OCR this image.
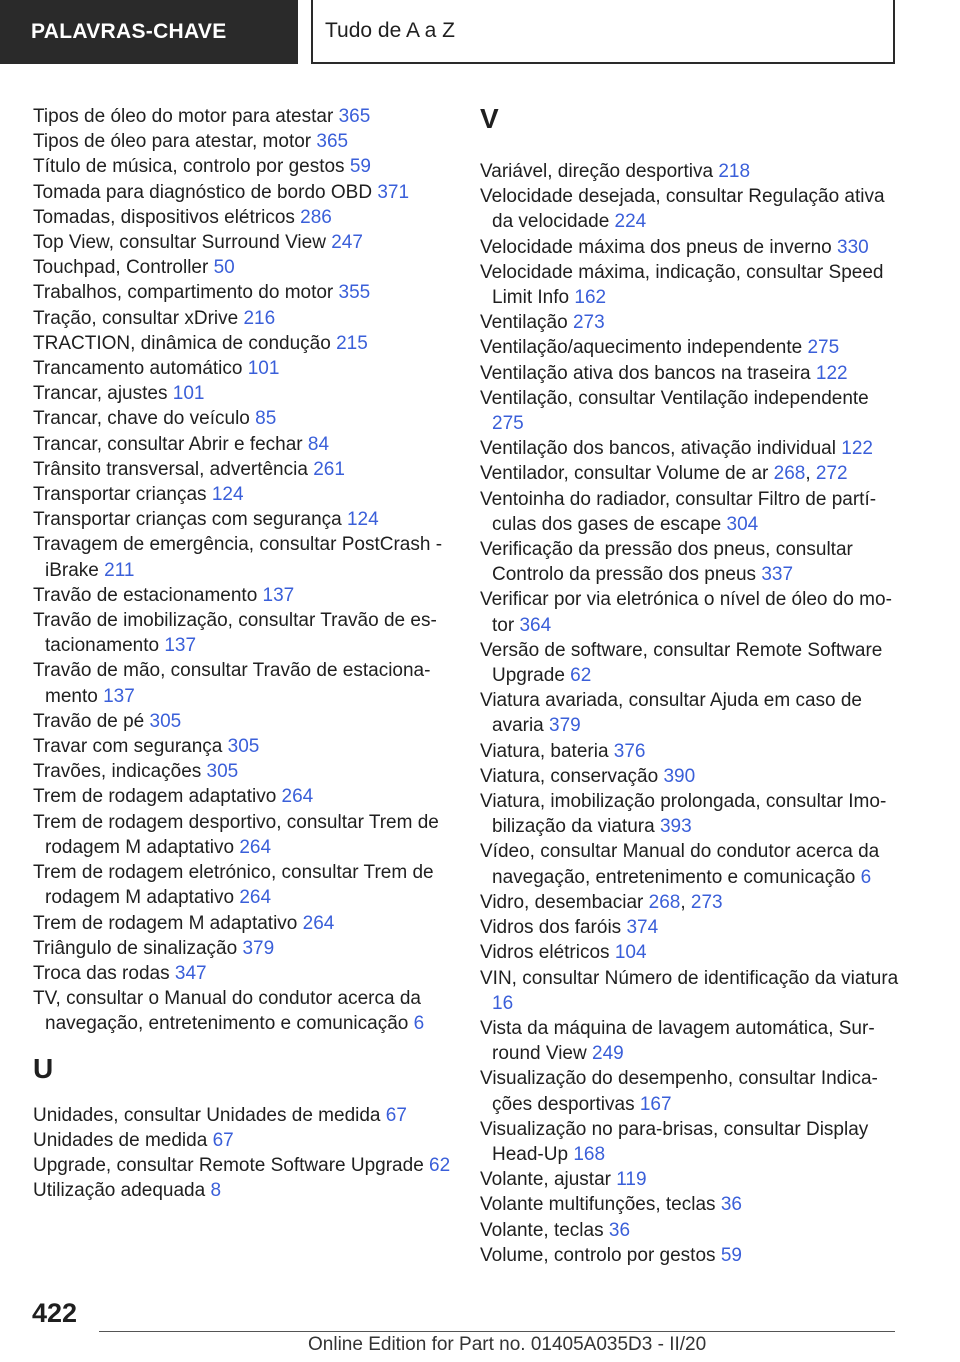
PALAVRAS-CHAVE	Tudo de A a Z
Tipos de óleo do motor para atestar 365
Tipos de óleo para atestar, motor 365
Título de música, controlo por gestos 59
Tomada para diagnóstico de bordo OBD 371
Tomadas, dispositivos elétricos 286
Top View, consultar Surround View 247
Touchpad, Controller 50
Trabalhos, compartimento do motor 355
Tração, consultar xDrive 216
TRACTION, dinâmica de condução 215
Trancamento automático 101
Trancar, ajustes 101
Trancar, chave do veículo 85
Trancar, consultar Abrir e fechar 84
Trânsito transversal, advertência 261
Transportar crianças 124
Transportar crianças com segurança 124
Travagem de emergência, consultar PostCrash - iBrake 211
Travão de estacionamento 137
Travão de imobilização, consultar Travão de estacionamento 137
Travão de mão, consultar Travão de estacionamento 137
Travão de pé 305
Travar com segurança 305
Travões, indicações 305
Trem de rodagem adaptativo 264
Trem de rodagem desportivo, consultar Trem de rodagem M adaptativo 264
Trem de rodagem eletrónico, consultar Trem de rodagem M adaptativo 264
Trem de rodagem M adaptativo 264
Triângulo de sinalização 379
Troca das rodas 347
TV, consultar o Manual do condutor acerca da navegação, entretenimento e comunicação 6
U
Unidades, consultar Unidades de medida 67
Unidades de medida 67
Upgrade, consultar Remote Software Upgrade 62
Utilização adequada 8
V
Variável, direção desportiva 218
Velocidade desejada, consultar Regulação ativa da velocidade 224
Velocidade máxima dos pneus de inverno 330
Velocidade máxima, indicação, consultar Speed Limit Info 162
Ventilação 273
Ventilação/aquecimento independente 275
Ventilação ativa dos bancos na traseira 122
Ventilação, consultar Ventilação independente 275
Ventilação dos bancos, ativação individual 122
Ventilador, consultar Volume de ar 268, 272
Ventoinha do radiador, consultar Filtro de partículas dos gases de escape 304
Verificação da pressão dos pneus, consultar Controlo da pressão dos pneus 337
Verificar por via eletrónica o nível de óleo do motor 364
Versão de software, consultar Remote Software Upgrade 62
Viatura avariada, consultar Ajuda em caso de avaria 379
Viatura, bateria 376
Viatura, conservação 390
Viatura, imobilização prolongada, consultar Imobilização da viatura 393
Vídeo, consultar Manual do condutor acerca da navegação, entretenimento e comunicação 6
Vidro, desembaciar 268, 273
Vidros dos faróis 374
Vidros elétricos 104
VIN, consultar Número de identificação da viatura 16
Vista da máquina de lavagem automática, Surround View 249
Visualização do desempenho, consultar Indicações desportivas 167
Visualização no para-brisas, consultar Display Head-Up 168
Volante, ajustar 119
Volante multifunções, teclas 36
Volante, teclas 36
Volume, controlo por gestos 59
422
Online Edition for Part no. 01405A035D3 - II/20
